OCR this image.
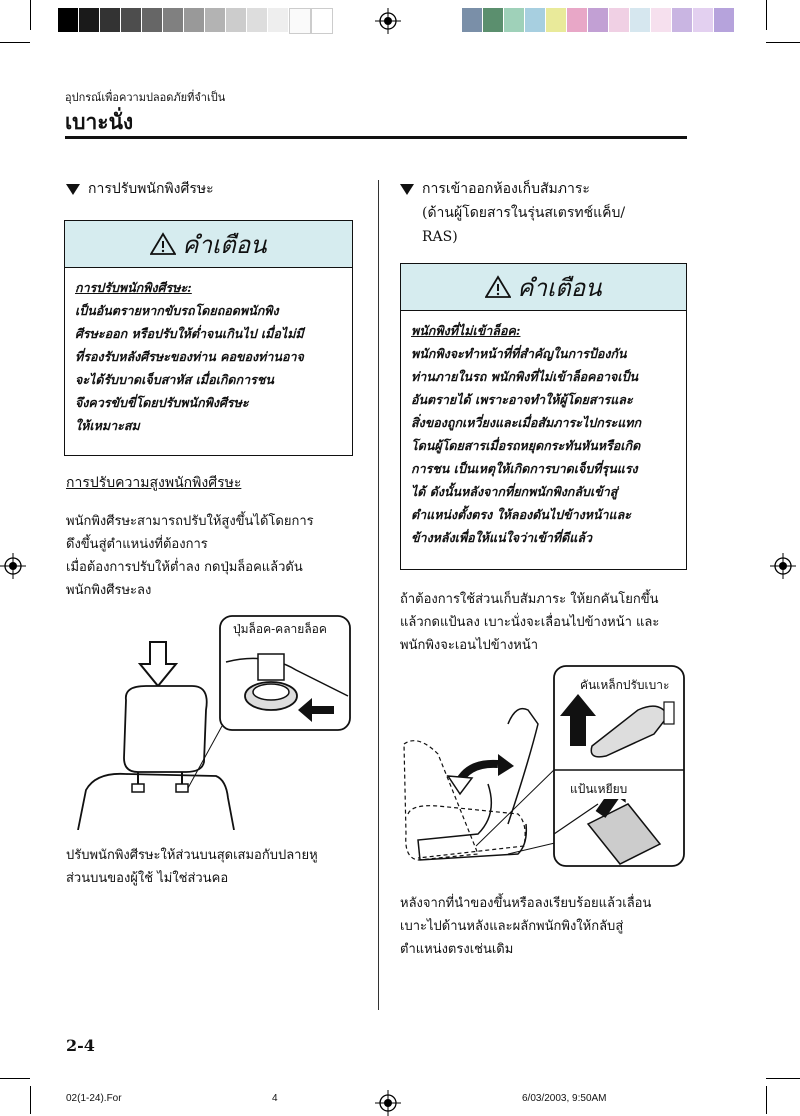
อุปกรณ์เพื่อความปลอดภัยที่จำเป็น
เบาะนั่ง
การปรับพนักพิงศีรษะ
คำเตือน
การปรับพนักพิงศีรษะ:
เป็นอันตรายหากขับรถโดยถอดพนักพิง
ศีรษะออก หรือปรับให้ต่ำจนเกินไป เมื่อไม่มี
ที่รองรับหลังศีรษะของท่าน คอของท่านอาจ
จะได้รับบาดเจ็บสาหัส เมื่อเกิดการชน
จึงควรขับขี่โดยปรับพนักพิงศีรษะ
ให้เหมาะสม
การปรับความสูงพนักพิงศีรษะ
พนักพิงศีรษะสามารถปรับให้สูงขึ้นได้โดยการ
ดึงขึ้นสู่ตำแหน่งที่ต้องการ
เมื่อต้องการปรับให้ต่ำลง กดปุ่มล็อคแล้วดัน
พนักพิงศีรษะลง
ปุ่มล็อค-คลายล็อค
ปรับพนักพิงศีรษะให้ส่วนบนสุดเสมอกับปลายหู
ส่วนบนของผู้ใช้ ไม่ใช่ส่วนคอ
การเข้าออกห้องเก็บสัมภาระ
(ด้านผู้โดยสารในรุ่นสเตรทช์แค็บ/
RAS)
คำเตือน
พนักพิงที่ไม่เข้าล็อค:
พนักพิงจะทำหน้าที่ที่สำคัญในการป้องกัน
ท่านภายในรถ พนักพิงที่ไม่เข้าล็อคอาจเป็น
อันตรายได้ เพราะอาจทำให้ผู้โดยสารและ
สิ่งของถูกเหวี่ยงและเมื่อสัมภาระไปกระแทก
โดนผู้โดยสารเมื่อรถหยุดกระทันหันหรือเกิด
การชน เป็นเหตุให้เกิดการบาดเจ็บที่รุนแรง
ได้ ดังนั้นหลังจากที่ยกพนักพิงกลับเข้าสู่
ตำแหน่งตั้งตรง ให้ลองดันไปข้างหน้าและ
ข้างหลังเพื่อให้แน่ใจว่าเข้าที่ดีแล้ว
ถ้าต้องการใช้ส่วนเก็บสัมภาระ ให้ยกคันโยกขึ้น
แล้วกดแป้นลง เบาะนั่งจะเลื่อนไปข้างหน้า และ
พนักพิงจะเอนไปข้างหน้า
คันเหล็กปรับเบาะ
แป้นเหยียบ
หลังจากที่นำของขึ้นหรือลงเรียบร้อยแล้วเลื่อน
เบาะไปด้านหลังและผลักพนักพิงให้กลับสู่
ตำแหน่งตรงเช่นเดิม
2-4
02(1-24).For	4	6/03/2003, 9:50AM
